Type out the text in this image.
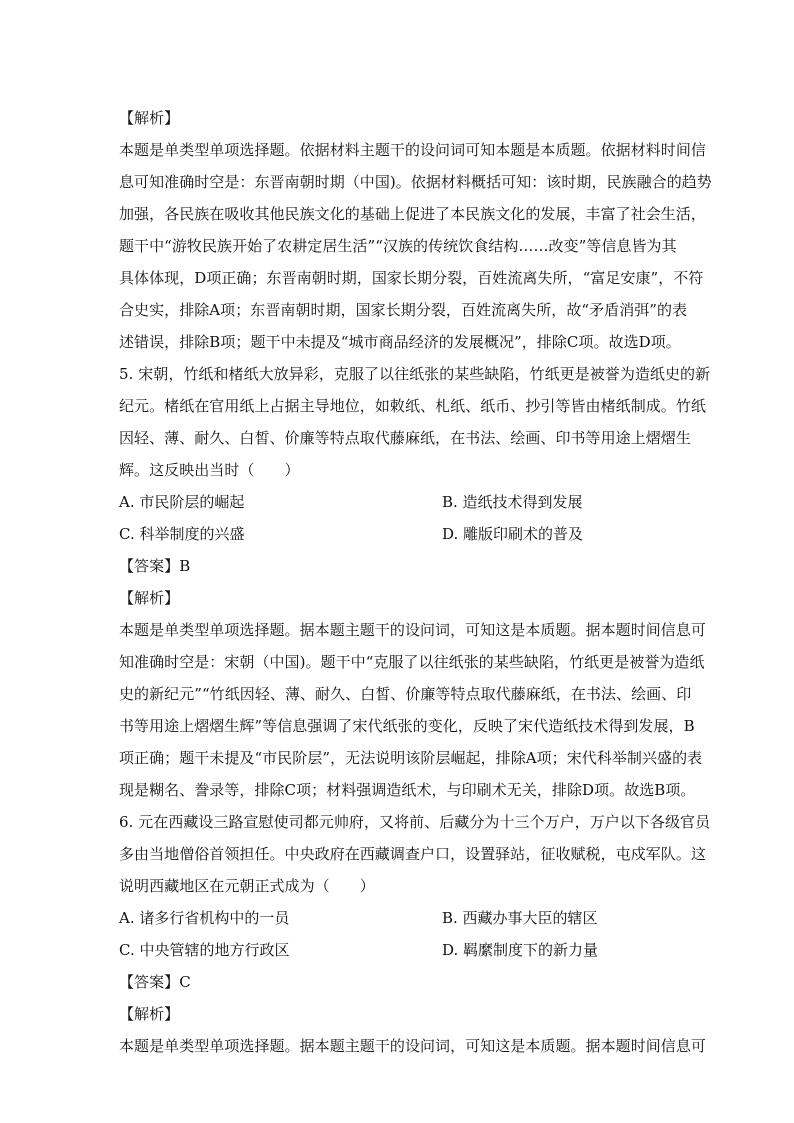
【解析】
本题是单类型单项选择题。依据材料主题干的设问词可知本题是本质题。依据材料时间信
息可知准确时空是：东晋南朝时期（中国)。依据材料概括可知：该时期，民族融合的趋势
加强，各民族在吸收其他民族文化的基础上促进了本民族文化的发展，丰富了社会生活，
题干中“游牧民族开始了农耕定居生活”“汉族的传统饮食结构……改变”等信息皆为其
具体体现，D项正确；东晋南朝时期，国家长期分裂，百姓流离失所，“富足安康”，不符
合史实，排除A项；东晋南朝时期，国家长期分裂，百姓流离失所，故“矛盾消弭”的表
述错误，排除B项；题干中未提及“城市商品经济的发展概况”，排除C项。故选D项。
5. 宋朝，竹纸和楮纸大放异彩，克服了以往纸张的某些缺陷，竹纸更是被誉为造纸史的新
纪元。楮纸在官用纸上占据主导地位，如敕纸、札纸、纸币、抄引等皆由楮纸制成。竹纸
因轻、薄、耐久、白皙、价廉等特点取代藤麻纸，在书法、绘画、印书等用途上熠熠生
辉。这反映出当时（　　）
A. 市民阶层的崛起	B. 造纸技术得到发展
C. 科举制度的兴盛	D. 雕版印刷术的普及
【答案】B
【解析】
本题是单类型单项选择题。据本题主题干的设问词，可知这是本质题。据本题时间信息可
知准确时空是：宋朝（中国)。题干中“克服了以往纸张的某些缺陷，竹纸更是被誉为造纸
史的新纪元”“竹纸因轻、薄、耐久、白皙、价廉等特点取代藤麻纸，在书法、绘画、印
书等用途上熠熠生辉”等信息强调了宋代纸张的变化，反映了宋代造纸技术得到发展，B
项正确；题干未提及“市民阶层”，无法说明该阶层崛起，排除A项；宋代科举制兴盛的表
现是糊名、誊录等，排除C项；材料强调造纸术，与印刷术无关，排除D项。故选B项。
6. 元在西藏设三路宣慰使司都元帅府，又将前、后藏分为十三个万户，万户以下各级官员
多由当地僧俗首领担任。中央政府在西藏调查户口，设置驿站，征收赋税，屯戍军队。这
说明西藏地区在元朝正式成为（　　）
A. 诸多行省机构中的一员	B. 西藏办事大臣的辖区
C. 中央管辖的地方行政区	D. 羁縻制度下的新力量
【答案】C
【解析】
本题是单类型单项选择题。据本题主题干的设问词，可知这是本质题。据本题时间信息可
